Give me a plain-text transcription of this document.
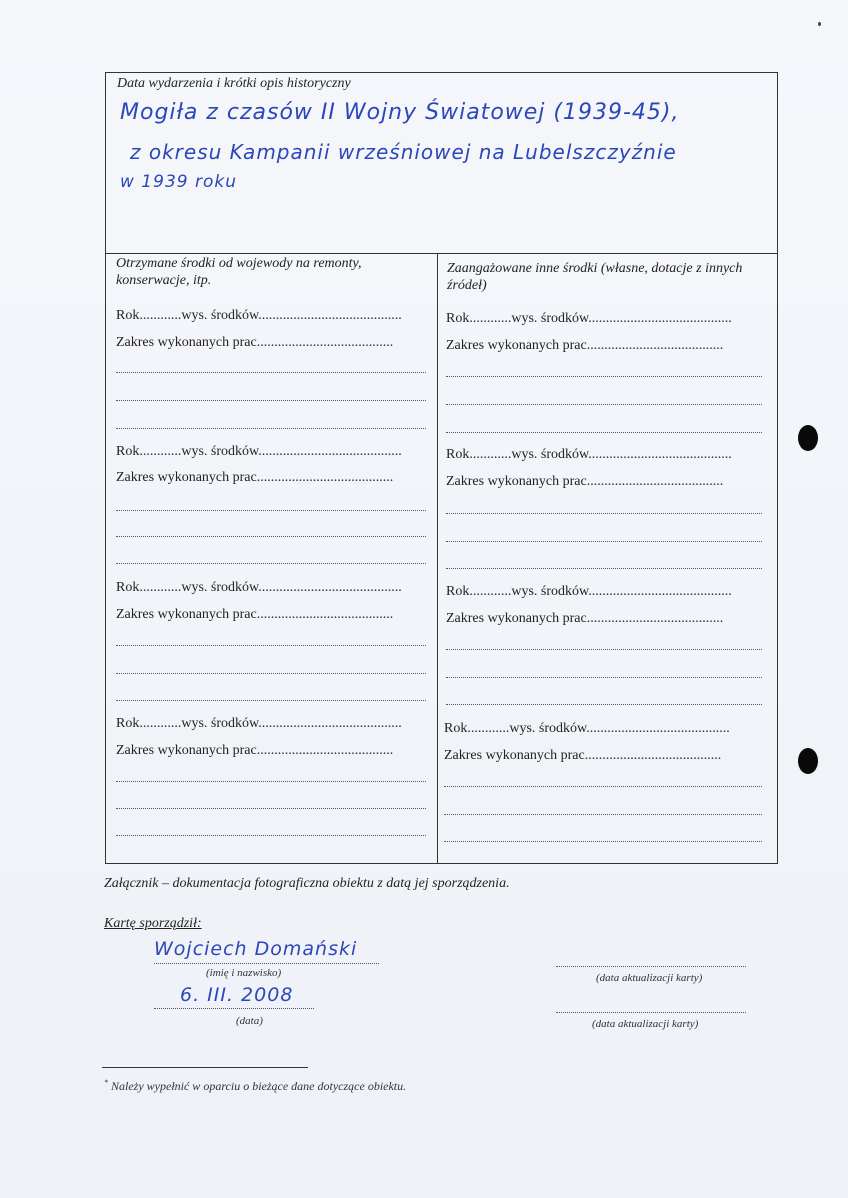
Data wydarzenia i krótki opis historyczny
Mogiła z czasów II Wojny Światowej (1939-45),
z okresu Kampanii wrześniowej na Lubelszczyźnie
w 1939 roku
Otrzymane środki od wojewody na remonty, konserwacje, itp.
Zaangażowane inne środki (własne, dotacje z innych źródeł)
Rok............wys. środków.........................................
Zakres wykonanych prac.......................................
Rok............wys. środków.........................................
Zakres wykonanych prac.......................................
Rok............wys. środków.........................................
Zakres wykonanych prac.......................................
Rok............wys. środków.........................................
Zakres wykonanych prac.......................................
Rok............wys. środków.........................................
Zakres wykonanych prac.......................................
Rok............wys. środków.........................................
Zakres wykonanych prac.......................................
Rok............wys. środków.........................................
Zakres wykonanych prac.......................................
Rok............wys. środków.........................................
Zakres wykonanych prac.......................................
Załącznik – dokumentacja fotograficzna obiektu z datą jej sporządzenia.
Kartę sporządził:
Wojciech Domański
(imię i nazwisko)
6. III. 2008
(data)
(data aktualizacji karty)
(data aktualizacji karty)
* Należy wypełnić w oparciu o bieżące dane dotyczące obiektu.
